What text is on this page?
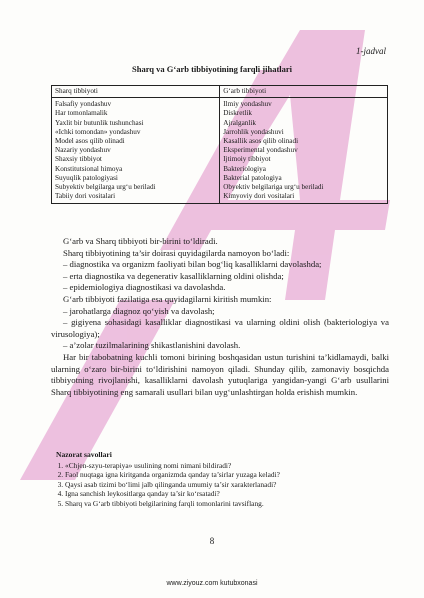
1-jadval
Sharq va G‘arb tibbiyotining farqli jihatlari
Sharq tibbiyoti	G‘arb tibbiyoti
Falsafiy yondashuv	Ilmiy yondashuv
Har tomonlamalik	Diskretlik
Yaxlit bir butunlik tushunchasi	Ajralganlik
«Ichki tomondan» yondashuv	Jarrohlik yondashuvi
Model asos qilib olinadi	Kasallik asos qilib olinadi
Nazariy yondashuv	Eksperimental yondashuv
Shaxsiy tibbiyot	Ijtimoiy tibbiyot
Konstitutsional himoya	Bakteriologiya
Suyuqlik patologiyasi	Bakterial patologiya
Subyektiv belgilarga urg‘u beriladi	Obyektiv belgilariga urg‘u beriladi
Tabiiy dori vositalari	Kimyoviy dori vositalari

G‘arb va Sharq tibbiyoti bir-birini to‘ldiradi.

Sharq tibbiyotining ta’sir doirasi quyidagilarda namoyon bo‘ladi:

– diagnostika va organizm faoliyati bilan bog‘liq kasalliklarni davolashda;

– erta diagnostika va degenerativ kasalliklarning oldini olishda;

– epidemiologiya diagnostikasi va davolashda.

G‘arb tibbiyoti fazilatiga esa quyidagilarni kiritish mumkin:

– jarohatlarga diagnoz qo‘yish va davolash;

– gigiyena sohasidagi kasalliklar diagnostikasi va ularning oldini olish (bakteriologiya va virusologiya);

– a’zolar tuzilmalarining shikastlanishini davolash.

Har bir tabobatning kuchli tomoni birining boshqasidan ustun turishini ta’kidlamaydi, balki ularning o‘zaro bir-birini to‘ldirishini namoyon qiladi. Shunday qilib, zamonaviy bosqichda tibbiyotning rivojlanishi, kasalliklarni davolash yutuqlariga yangidan-yangi G‘arb usullarini Sharq tibbiyotining eng samarali usullari bilan uyg‘unlashtirgan holda erishish mumkin.

Nazorat savollari
1. «Chjen-szyu-terapiya» usulining nomi nimani bildiradi?
2. Faol nuqtaga igna kiritganda organizmda qanday ta’sirlar yuzaga keladi?
3. Qaysi asab tizimi bo‘limi jalb qilinganda umumiy ta’sir xarakterlanadi?
4. Igna sanchish leykositlarga qanday ta’sir ko‘rsatadi?
5. Sharq va G‘arb tibbiyoti belgilarining farqli tomonlarini tavsiflang.
8
www.ziyouz.com kutubxonasi
